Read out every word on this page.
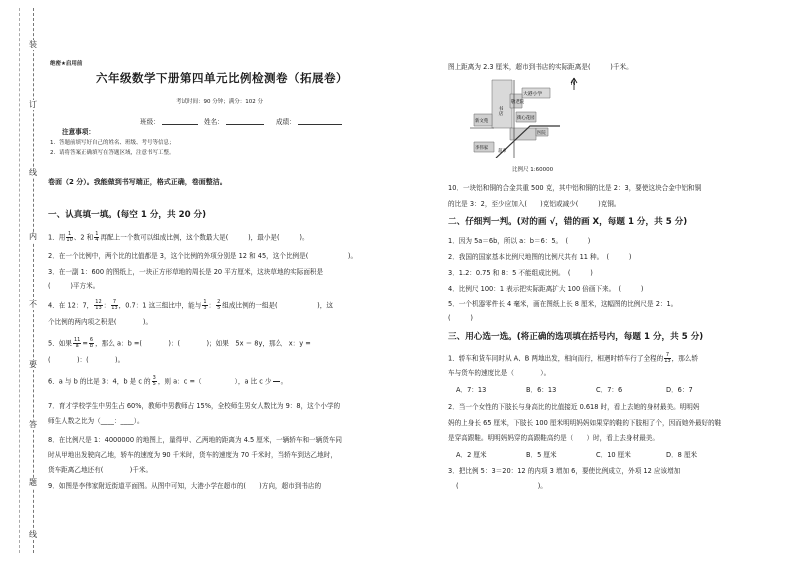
装
订
线
内
不
要
答
题
线
绝密★启用前
六年级数学下册第四单元比例检测卷（拓展卷）
考试时间：90 分钟；满分：102 分
班级：	姓名：	成绩：
注意事项：
1．答题前填写好自己的姓名、班级、考号等信息；
2．请将答案正确填写在答题区域，注意书写工整。
卷面（2 分）。我能做到书写端正，格式正确，卷面整洁。
一、认真填一填。(每空 1 分，共 20 分)
1．用 $\frac{1}{10}$ 、2 和 $\frac{1}{4}$ 再配上一个数可以组成比例，这个数最大是(　　　)，最小是(　　　)。
2．在一个比例中，两个比的比值都是 3，这个比例的外项分别是 12 和 45，这个比例是(　　　　　　)。
3．在一副 1：600 的图纸上，一块正方形草地的周长是 20 平方厘米，这块草地的实际面积是
(　　　)平方米。
4．在 12：7， $\frac{12}{13}$ ： $\frac{7}{13}$ ，0.7：1 这三组比中，能与 $\frac{1}{3}$ ： $\frac{2}{5}$ 组成比例的一组是(　　　　　　)，这
个比例的两内项之积是(　　　　)。
5．如果 $\frac{11}{a} = \frac{6}{b}$ ，那么 a：b =(　　　　)：(　　　　)；如果　5x ＝ 8y，那么　x：y =
(　　　　)：(　　　　)。
6．a 与 b 的比是 3：4，b 是 c 的 $\frac{3}{5}$ ，则 a：c =（　　　　　），a 比 c 少

  。
7．育才学校学生中男生占 60%，教师中男教师占 15%，全校师生男女人数比为 9：8，这个小学的
师生人数之比为（____：____）。
8．在比例尺是 1：4000000 的地图上，量得甲、乙两地的距离为 4.5 厘米，一辆轿车和一辆货车同
时从甲地出发驶向乙地，轿车的速度为 90 千米时，货车的速度为 70 千米时，当轿车到达乙地时，
货车距离乙地还有(　　　　)千米。
9．如图是李伟家附近街道平面图。从图中可知，大港小学在超市的(　　)方向，超市到书店的
图上距离为 2.3 厘米，超市到书店的实际距离是(　　　)千米。
N
大港小学
书店
敬老院
新文苑
街心花园
医院
李伟家
超市
比例尺 1:60000
10．一块铝和铜的合金共重 500 克，其中铝和铜的比是 2：3，要使这块合金中铝和铜
的比是 3：2，至少应加入(　　)克铝或减少(　　　)克铜。
二、仔细判一判。(对的画 √，错的画 X，每题 1 分，共 5 分)
1．因为 5a＝6b，所以 a：b＝6：5。　(　　　)
2．我国的国家基本比例尺地图的比例尺共有 11 种。　(　　　)
3．1.2：0.75 和 8：5 不能组成比例。　(　　　)
4．比例尺 100：1 表示把实际距离扩大 100 倍画下来。　(　　　)
5．一个机器零件长 4 毫米，画在图纸上长 8 厘米，这幅图的比例尺是 2：1。
(　　　)
三、用心选一选。(将正确的选项填在括号内，每题 1 分，共 5 分)
1．轿车和货车同时从 A、B 两地出发，相向而行，相遇时轿车行了全程的 $\frac{7}{13}$ ，那么轿
车与货车的速度比是（　　　　）。
A．7：13	B．6：13	C．7：6	D．6：7
2．当一个女性的下肢长与身高比的比值接近 0.618 时，看上去她的身材最美。明明妈
妈的上身长 65 厘米，下肢长 100 厘米明明妈妈如果穿的鞋的下肢相了个，因而她外最好的鞋
是穿高跟鞋。明明妈妈穿的高跟鞋高约是（　　）时，看上去身材最美。
A．2 厘米	B．5 厘米	C．10 厘米	D．8 厘米
3．把比例 5：3＝20：12 的内项 3 增加 6，要使比例成立，外项 12 应该增加
(　　　　　　　　　　　　)。
